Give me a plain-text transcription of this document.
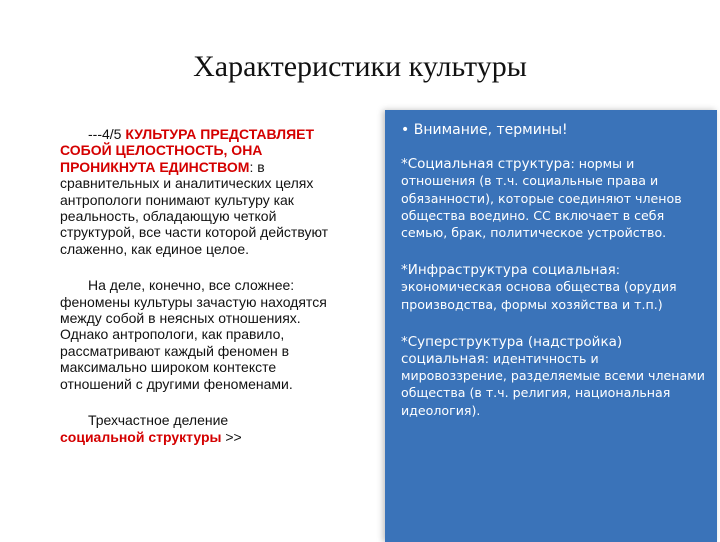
Характеристики культуры

---4/5 КУЛЬТУРА ПРЕДСТАВЛЯЕТ СОБОЙ ЦЕЛОСТНОСТЬ, ОНА ПРОНИКНУТА ЕДИНСТВОМ: в сравнительных и аналитических целях антропологи понимают культуру как реальность, обладающую четкой структурой, все части которой действуют слаженно, как единое целое.

На деле, конечно, все сложнее: феномены культуры зачастую находятся между собой в неясных отношениях. Однако антропологи, как правило, рассматривают каждый феномен в максимально широком контексте отношений с другими феноменами.

Трехчастное деление
социальной структуры >>

• Внимание, термины!

*Социальная структура: нормы и отношения (в т.ч. социальные права и обязанности), которые соединяют членов общества воедино. СС включает в себя семью, брак, политическое устройство.

*Инфраструктура социальная: экономическая основа общества (орудия производства, формы хозяйства и т.п.)

*Суперструктура (надстройка) социальная: идентичность и мировоззрение, разделяемые всеми членами общества (в т.ч. религия, национальная идеология).
